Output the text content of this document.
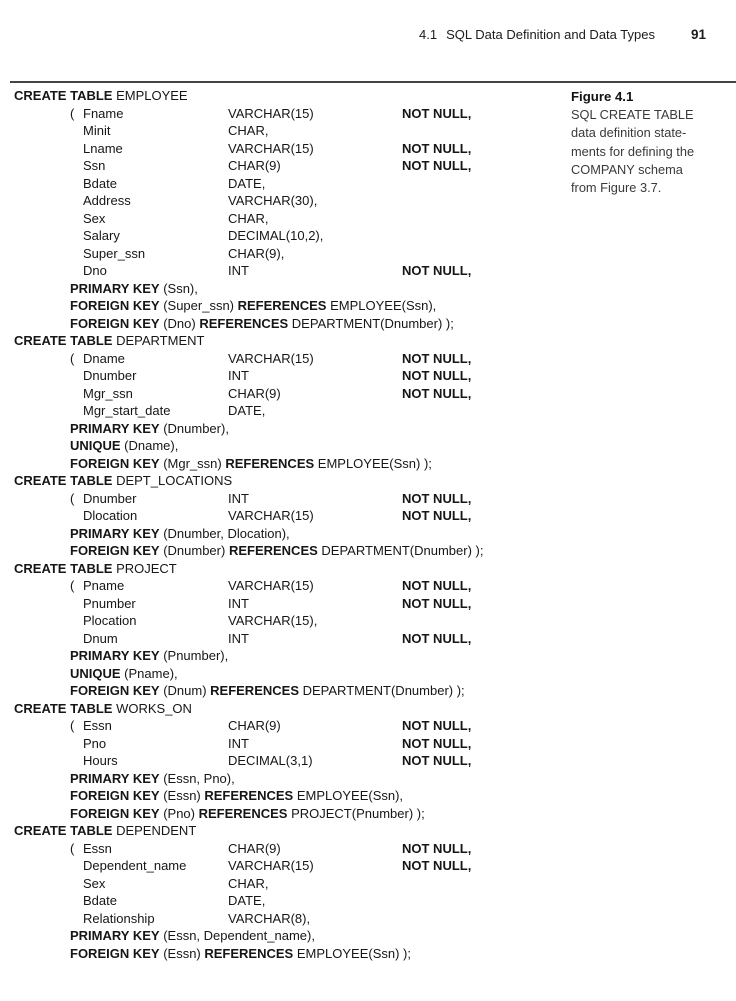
4.1 SQL Data Definition and Data Types	91
CREATE TABLE EMPLOYEE
( Fname	VARCHAR(15)	NOT NULL,
Minit	CHAR,
Lname	VARCHAR(15)	NOT NULL,
Ssn	CHAR(9)	NOT NULL,
Bdate	DATE,
Address	VARCHAR(30),
Sex	CHAR,
Salary	DECIMAL(10,2),
Super_ssn	CHAR(9),
Dno	INT	NOT NULL,
PRIMARY KEY (Ssn),
FOREIGN KEY (Super_ssn) REFERENCES EMPLOYEE(Ssn),
FOREIGN KEY (Dno) REFERENCES DEPARTMENT(Dnumber) );
CREATE TABLE DEPARTMENT
( Dname	VARCHAR(15)	NOT NULL,
Dnumber	INT	NOT NULL,
Mgr_ssn	CHAR(9)	NOT NULL,
Mgr_start_date	DATE,
PRIMARY KEY (Dnumber),
UNIQUE (Dname),
FOREIGN KEY (Mgr_ssn) REFERENCES EMPLOYEE(Ssn) );
CREATE TABLE DEPT_LOCATIONS
( Dnumber	INT	NOT NULL,
Dlocation	VARCHAR(15)	NOT NULL,
PRIMARY KEY (Dnumber, Dlocation),
FOREIGN KEY (Dnumber) REFERENCES DEPARTMENT(Dnumber) );
CREATE TABLE PROJECT
( Pname	VARCHAR(15)	NOT NULL,
Pnumber	INT	NOT NULL,
Plocation	VARCHAR(15),
Dnum	INT	NOT NULL,
PRIMARY KEY (Pnumber),
UNIQUE (Pname),
FOREIGN KEY (Dnum) REFERENCES DEPARTMENT(Dnumber) );
CREATE TABLE WORKS_ON
( Essn	CHAR(9)	NOT NULL,
Pno	INT	NOT NULL,
Hours	DECIMAL(3,1)	NOT NULL,
PRIMARY KEY (Essn, Pno),
FOREIGN KEY (Essn) REFERENCES EMPLOYEE(Ssn),
FOREIGN KEY (Pno) REFERENCES PROJECT(Pnumber) );
CREATE TABLE DEPENDENT
( Essn	CHAR(9)	NOT NULL,
Dependent_name	VARCHAR(15)	NOT NULL,
Sex	CHAR,
Bdate	DATE,
Relationship	VARCHAR(8),
PRIMARY KEY (Essn, Dependent_name),
FOREIGN KEY (Essn) REFERENCES EMPLOYEE(Ssn) );
Figure 4.1
SQL CREATE TABLE
data definition state-
ments for defining the
COMPANY schema
from Figure 3.7.
